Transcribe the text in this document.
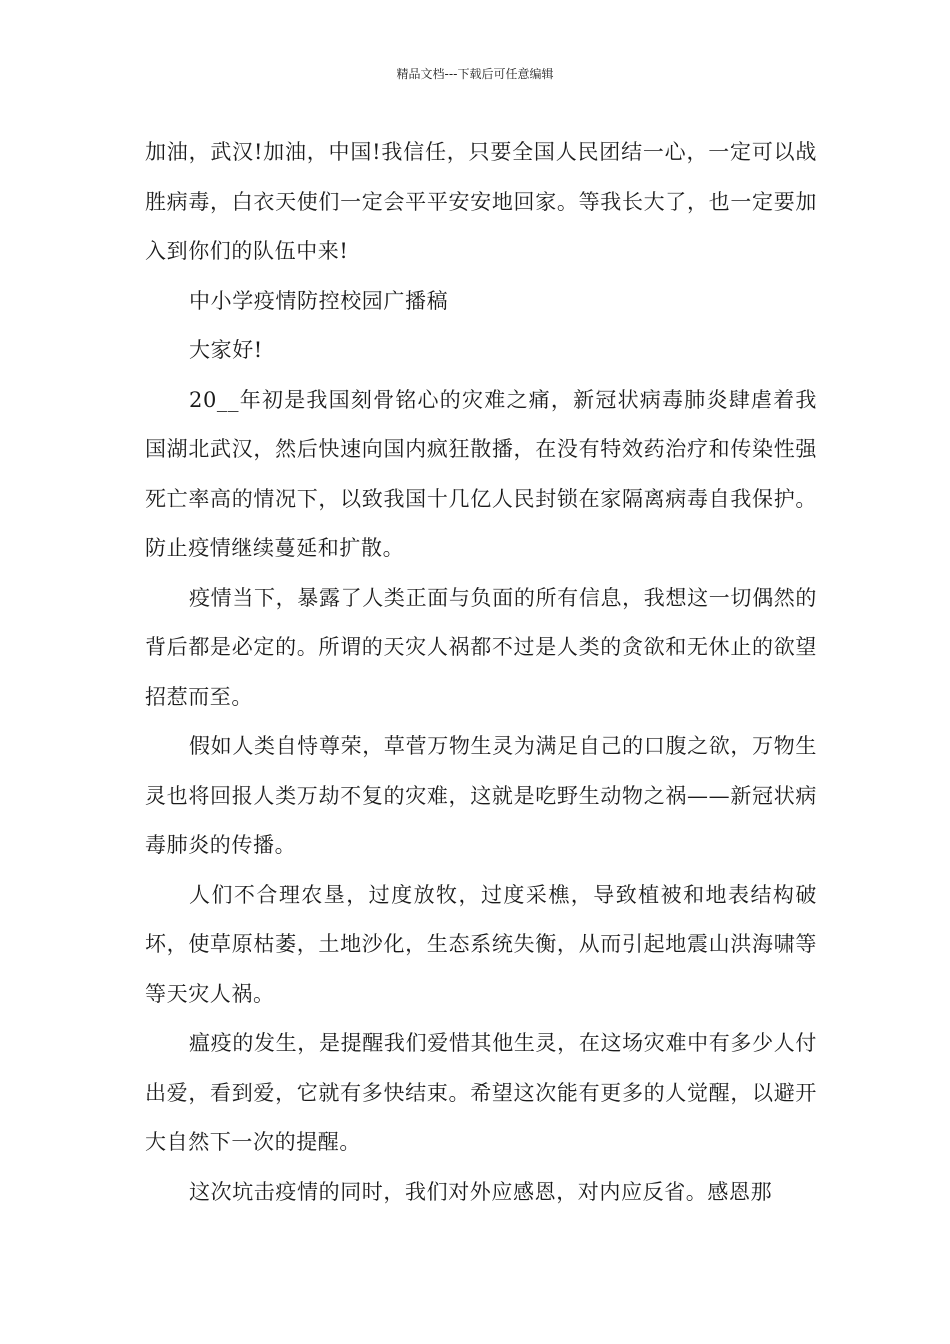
精品文档---下载后可任意编辑

加油，武汉!加油，中国!我信任，只要全国人民团结一心，一定可以战胜病毒，白衣天使们一定会平平安安地回家。等我长大了，也一定要加入到你们的队伍中来!

中小学疫情防控校园广播稿

大家好!

20__年初是我国刻骨铭心的灾难之痛，新冠状病毒肺炎肆虐着我国湖北武汉，然后快速向国内疯狂散播，在没有特效药治疗和传染性强死亡率高的情况下，以致我国十几亿人民封锁在家隔离病毒自我保护。防止疫情继续蔓延和扩散。

疫情当下，暴露了人类正面与负面的所有信息，我想这一切偶然的背后都是必定的。所谓的天灾人祸都不过是人类的贪欲和无休止的欲望招惹而至。

假如人类自恃尊荣，草菅万物生灵为满足自己的口腹之欲，万物生灵也将回报人类万劫不复的灾难，这就是吃野生动物之祸——新冠状病毒肺炎的传播。

人们不合理农垦，过度放牧，过度采樵，导致植被和地表结构破坏，使草原枯萎，土地沙化，生态系统失衡，从而引起地震山洪海啸等等天灾人祸。

瘟疫的发生，是提醒我们爱惜其他生灵，在这场灾难中有多少人付出爱，看到爱，它就有多快结束。希望这次能有更多的人觉醒，以避开大自然下一次的提醒。

这次坑击疫情的同时，我们对外应感恩，对内应反省。感恩那
